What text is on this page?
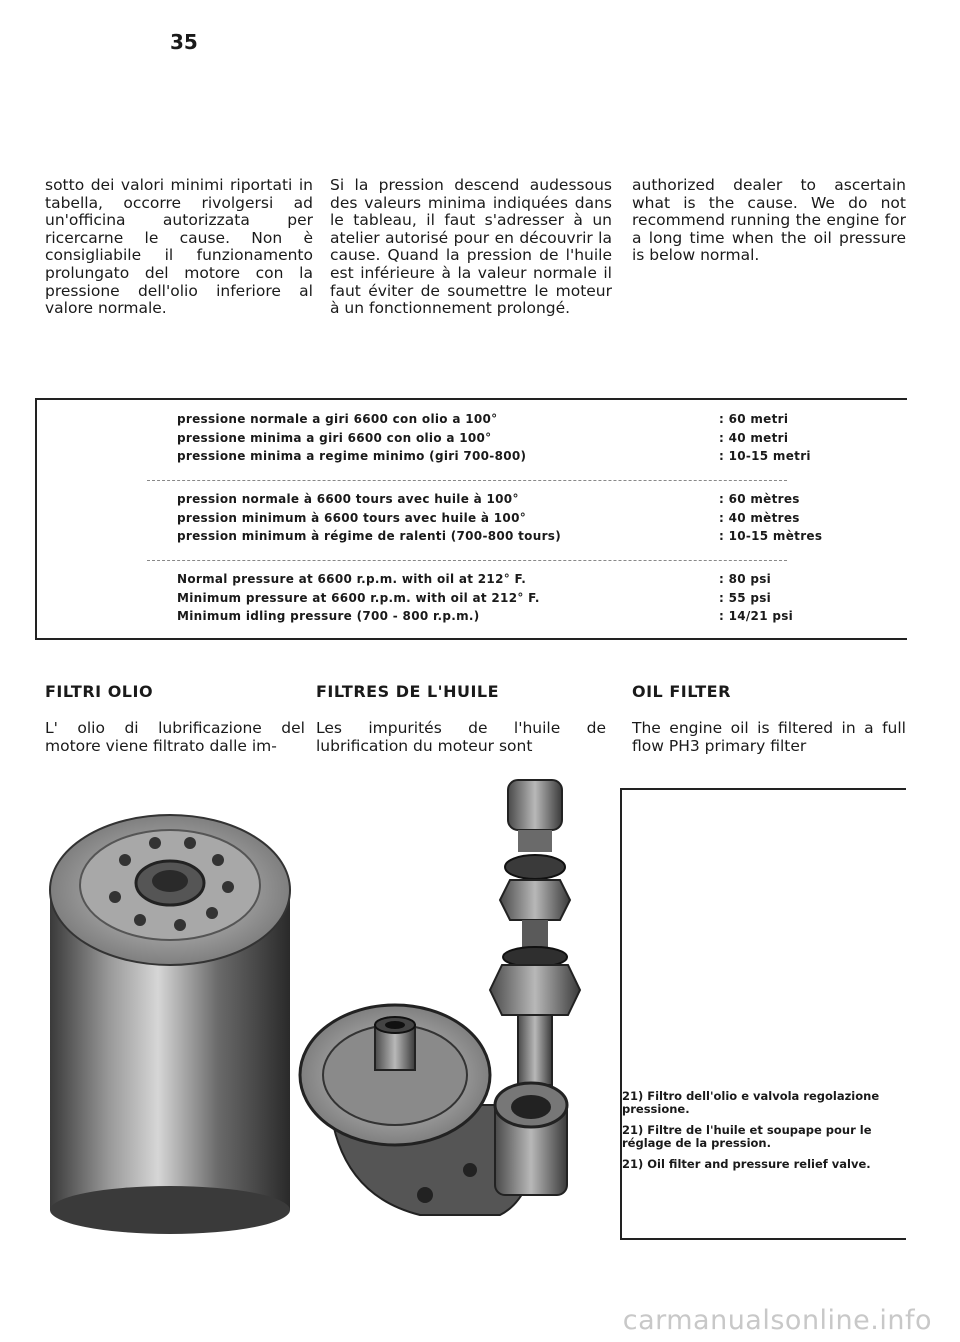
35

sotto dei valori minimi riportati in tabella, occorre rivolgersi ad un'officina autorizzata per ricercarne le cause. Non è consigliabile il funzionamento prolungato del motore con la pressione dell'olio inferiore al valore normale.

Si la pression descend audessous des valeurs minima indiquées dans le tableau, il faut s'adresser à un atelier autorisé pour en découvrir la cause. Quand la pression de l'huile est inférieure à la valeur normale il faut éviter de soumettre le moteur à un fonctionnement prolongé.

authorized dealer to ascertain what is the cause. We do not recommend running the engine for a long time when the oil pressure is below normal.

pressione normale a giri 6600 con olio a 100°	: 60 metri
pressione minima a giri 6600 con olio a 100°	: 40 metri
pressione minima a regime minimo (giri 700-800)	: 10-15 metri
pression normale à 6600 tours avec huile à 100°	: 60 mètres
pression minimum à 6600 tours avec huile à 100°	: 40 mètres
pression minimum à régime de ralenti (700-800 tours)	: 10-15 mètres
Normal pressure at 6600 r.p.m. with oil at 212° F.	: 80 psi
Minimum pressure at 6600 r.p.m. with oil at 212° F.	: 55 psi
Minimum idling pressure (700 - 800 r.p.m.)	: 14/21 psi
FILTRI OLIO	FILTRES DE L'HUILE	OIL FILTER
L' olio di lubrificazione del motore viene filtrato dalle im-
Les impurités de l'huile de lubrification du moteur sont
The engine oil is filtered in a full flow PH3 primary filter

21) Filtro dell'olio e valvola regolazione pressione.

21) Filtre de l'huile et soupape pour le réglage de la pression.

21) Oil filter and pressure relief valve.

carmanualsonline.info
